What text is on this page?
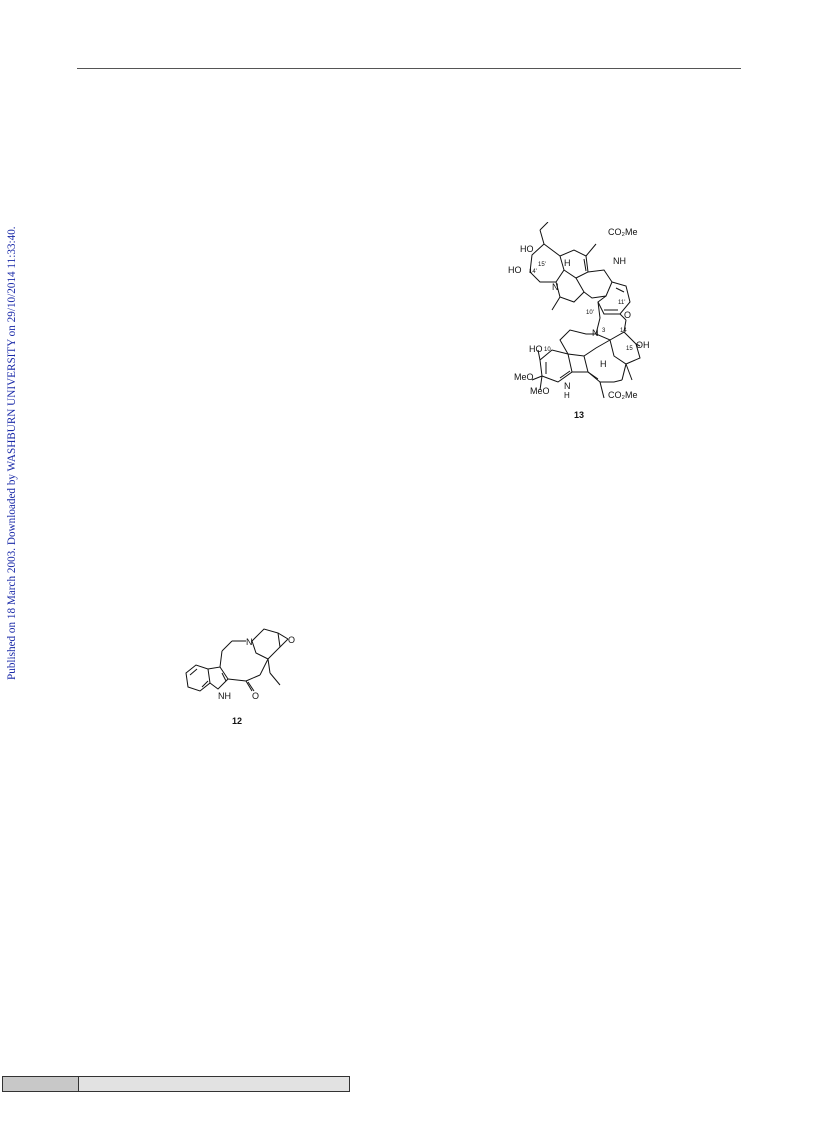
Published on 18 March 2003. Downloaded by WASHBURN UNIVERSITY on 29/10/2014 11:33:40.	CO₂Me
HO
15'
HO 14'
H
N
NH
11'
10'	O
3 14
N
OH
15
HO 10
H
MeO
MeO N
H	CO₂Me
13
N	O
O
NH
12
